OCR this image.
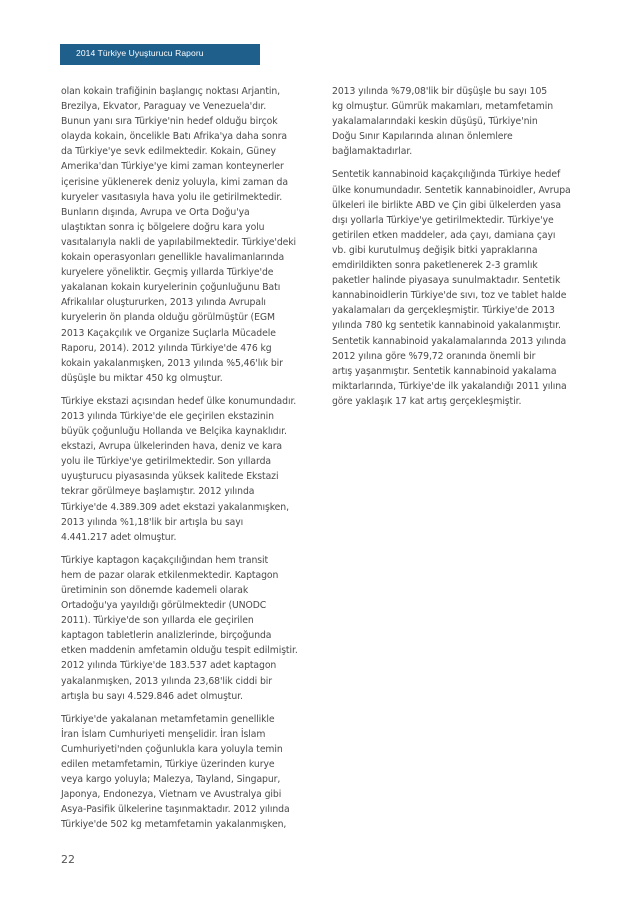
2014 Türkiye Uyuşturucu Raporu
olan kokain trafiğinin başlangıç noktası Arjantin,
Brezilya, Ekvator, Paraguay ve Venezuela'dır.
Bunun yanı sıra Türkiye'nin hedef olduğu birçok
olayda kokain, öncelikle Batı Afrika'ya daha sonra
da Türkiye'ye sevk edilmektedir. Kokain, Güney
Amerika'dan Türkiye'ye kimi zaman konteynerler
içerisine yüklenerek deniz yoluyla, kimi zaman da
kuryeler vasıtasıyla hava yolu ile getirilmektedir.
Bunların dışında, Avrupa ve Orta Doğu'ya
ulaştıktan sonra iç bölgelere doğru kara yolu
vasıtalarıyla nakli de yapılabilmektedir. Türkiye'deki
kokain operasyonları genellikle havalimanlarında
kuryelere yöneliktir. Geçmiş yıllarda Türkiye'de
yakalanan kokain kuryelerinin çoğunluğunu Batı
Afrikalılar oluştururken, 2013 yılında Avrupalı
kuryelerin ön planda olduğu görülmüştür (EGM
2013 Kaçakçılık ve Organize Suçlarla Mücadele
Raporu, 2014). 2012 yılında Türkiye'de 476 kg
kokain yakalanmışken, 2013 yılında %5,46'lık bir
düşüşle bu miktar 450 kg olmuştur.
Türkiye ekstazi açısından hedef ülke konumundadır.
2013 yılında Türkiye'de ele geçirilen ekstazinin
büyük çoğunluğu Hollanda ve Belçika kaynaklıdır.
ekstazi, Avrupa ülkelerinden hava, deniz ve kara
yolu ile Türkiye'ye getirilmektedir. Son yıllarda
uyuşturucu piyasasında yüksek kalitede Ekstazi
tekrar görülmeye başlamıştır. 2012 yılında
Türkiye'de 4.389.309 adet ekstazi yakalanmışken,
2013 yılında %1,18'lik bir artışla bu sayı
4.441.217 adet olmuştur.
Türkiye kaptagon kaçakçılığından hem transit
hem de pazar olarak etkilenmektedir. Kaptagon
üretiminin son dönemde kademeli olarak
Ortadoğu'ya yayıldığı görülmektedir (UNODC
2011). Türkiye'de son yıllarda ele geçirilen
kaptagon tabletlerin analizlerinde, birçoğunda
etken maddenin amfetamin olduğu tespit edilmiştir.
2012 yılında Türkiye'de 183.537 adet kaptagon
yakalanmışken, 2013 yılında 23,68'lik ciddi bir
artışla bu sayı 4.529.846 adet olmuştur.
Türkiye'de yakalanan metamfetamin genellikle
İran İslam Cumhuriyeti menşelidir. İran İslam
Cumhuriyeti'nden çoğunlukla kara yoluyla temin
edilen metamfetamin, Türkiye üzerinden kurye
veya kargo yoluyla; Malezya, Tayland, Singapur,
Japonya, Endonezya, Vietnam ve Avustralya gibi
Asya-Pasifik ülkelerine taşınmaktadır. 2012 yılında
Türkiye'de 502 kg metamfetamin yakalanmışken,
2013 yılında %79,08'lik bir düşüşle bu sayı 105
kg olmuştur. Gümrük makamları, metamfetamin
yakalamalarındaki keskin düşüşü, Türkiye'nin
Doğu Sınır Kapılarında alınan önlemlere
bağlamaktadırlar.
Sentetik kannabinoid kaçakçılığında Türkiye hedef
ülke konumundadır. Sentetik kannabinoidler, Avrupa
ülkeleri ile birlikte ABD ve Çin gibi ülkelerden yasa
dışı yollarla Türkiye'ye getirilmektedir. Türkiye'ye
getirilen etken maddeler, ada çayı, damiana çayı
vb. gibi kurutulmuş değişik bitki yapraklarına
emdirildikten sonra paketlenerek 2-3 gramlık
paketler halinde piyasaya sunulmaktadır. Sentetik
kannabinoidlerin Türkiye'de sıvı, toz ve tablet halde
yakalamaları da gerçekleşmiştir. Türkiye'de 2013
yılında 780 kg sentetik kannabinoid yakalanmıştır.
Sentetik kannabinoid yakalamalarında 2013 yılında
2012 yılına göre %79,72 oranında önemli bir
artış yaşanmıştır. Sentetik kannabinoid yakalama
miktarlarında, Türkiye'de ilk yakalandığı 2011 yılına
göre yaklaşık 17 kat artış gerçekleşmiştir.
22
